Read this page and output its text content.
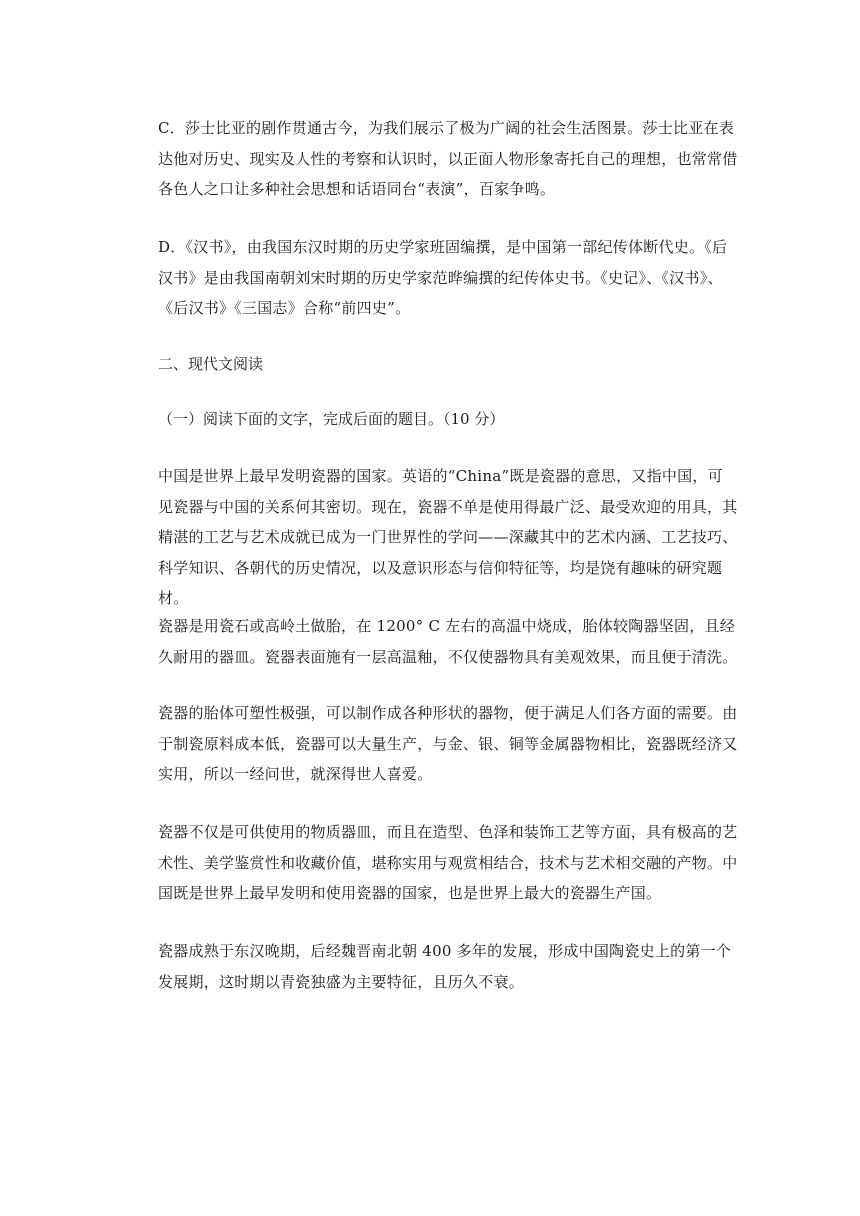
C．莎士比亚的剧作贯通古今，为我们展示了极为广阔的社会生活图景。莎士比亚在表达他对历史、现实及人性的考察和认识时，以正面人物形象寄托自己的理想，也常常借各色人之口让多种社会思想和话语同台“表演”，百家争鸣。

D．《汉书》，由我国东汉时期的历史学家班固编撰，是中国第一部纪传体断代史。《后汉书》是由我国南朝刘宋时期的历史学家范晔编撰的纪传体史书。《史记》、《汉书》、《后汉书》《三国志》合称“前四史”。

二、现代文阅读

（一）阅读下面的文字，完成后面的题目。（10 分）

中国是世界上最早发明瓷器的国家。英语的“China”既是瓷器的意思，又指中国，可见瓷器与中国的关系何其密切。现在，瓷器不单是使用得最广泛、最受欢迎的用具，其精湛的工艺与艺术成就已成为一门世界性的学问——深藏其中的艺术内涵、工艺技巧、科学知识、各朝代的历史情况，以及意识形态与信仰特征等，均是饶有趣味的研究题材。

瓷器是用瓷石或高岭土做胎，在 1200° C 左右的高温中烧成，胎体较陶器坚固，且经久耐用的器皿。瓷器表面施有一层高温釉，不仅使器物具有美观效果，而且便于清洗。

瓷器的胎体可塑性极强，可以制作成各种形状的器物，便于满足人们各方面的需要。由于制瓷原料成本低，瓷器可以大量生产，与金、银、铜等金属器物相比，瓷器既经济又实用，所以一经问世，就深得世人喜爱。

瓷器不仅是可供使用的物质器皿，而且在造型、色泽和装饰工艺等方面，具有极高的艺术性、美学鉴赏性和收藏价值，堪称实用与观赏相结合，技术与艺术相交融的产物。中国既是世界上最早发明和使用瓷器的国家，也是世界上最大的瓷器生产国。

瓷器成熟于东汉晚期，后经魏晋南北朝 400 多年的发展，形成中国陶瓷史上的第一个发展期，这时期以青瓷独盛为主要特征，且历久不衰。
